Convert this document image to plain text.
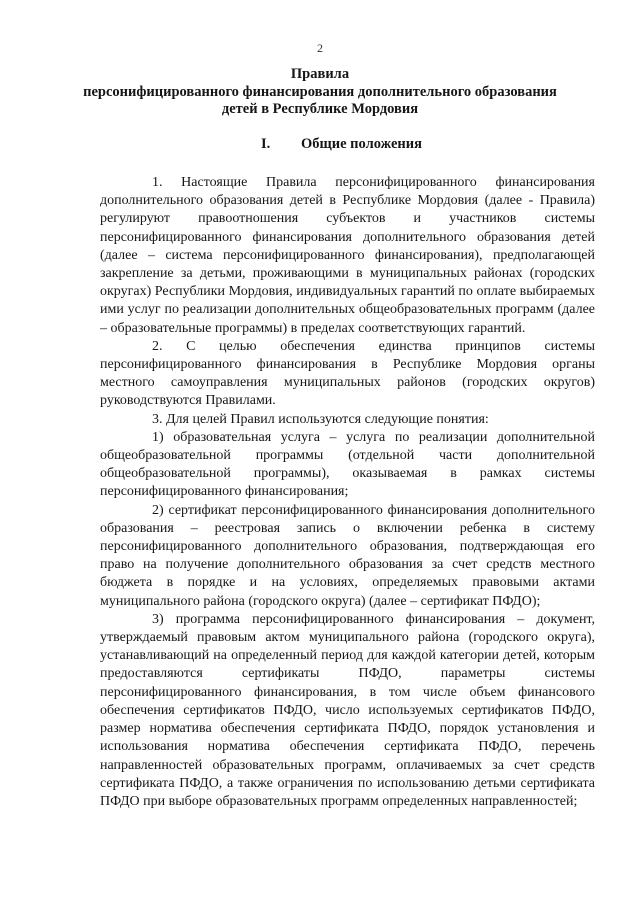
2
Правила
персонифицированного финансирования дополнительного образования
детей в Республике Мордовия
I. Общие положения

1. Настоящие Правила персонифицированного финансирования дополнительного образования детей в Республике Мордовия (далее - Правила) регулируют правоотношения субъектов и участников системы персонифицированного финансирования дополнительного образования детей (далее – система персонифицированного финансирования), предполагающей закрепление за детьми, проживающими в муниципальных районах (городских округах) Республики Мордовия, индивидуальных гарантий по оплате выбираемых ими услуг по реализации дополнительных общеобразовательных программ (далее – образовательные программы) в пределах соответствующих гарантий.

2. С целью обеспечения единства принципов системы персонифицированного финансирования в Республике Мордовия органы местного самоуправления муниципальных районов (городских округов) руководствуются Правилами.

3. Для целей Правил используются следующие понятия:

1) образовательная услуга – услуга по реализации дополнительной общеобразовательной программы (отдельной части дополнительной общеобразовательной программы), оказываемая в рамках системы персонифицированного финансирования;

2) сертификат персонифицированного финансирования дополнительного образования – реестровая запись о включении ребенка в систему персонифицированного дополнительного образования, подтверждающая его право на получение дополнительного образования за счет средств местного бюджета в порядке и на условиях, определяемых правовыми актами муниципального района (городского округа) (далее – сертификат ПФДО);

3) программа персонифицированного финансирования – документ, утверждаемый правовым актом муниципального района (городского округа), устанавливающий на определенный период для каждой категории детей, которым предоставляются сертификаты ПФДО, параметры системы персонифицированного финансирования, в том числе объем финансового обеспечения сертификатов ПФДО, число используемых сертификатов ПФДО, размер норматива обеспечения сертификата ПФДО, порядок установления и использования норматива обеспечения сертификата ПФДО, перечень направленностей образовательных программ, оплачиваемых за счет средств сертификата ПФДО, а также ограничения по использованию детьми сертификата ПФДО при выборе образовательных программ определенных направленностей;
